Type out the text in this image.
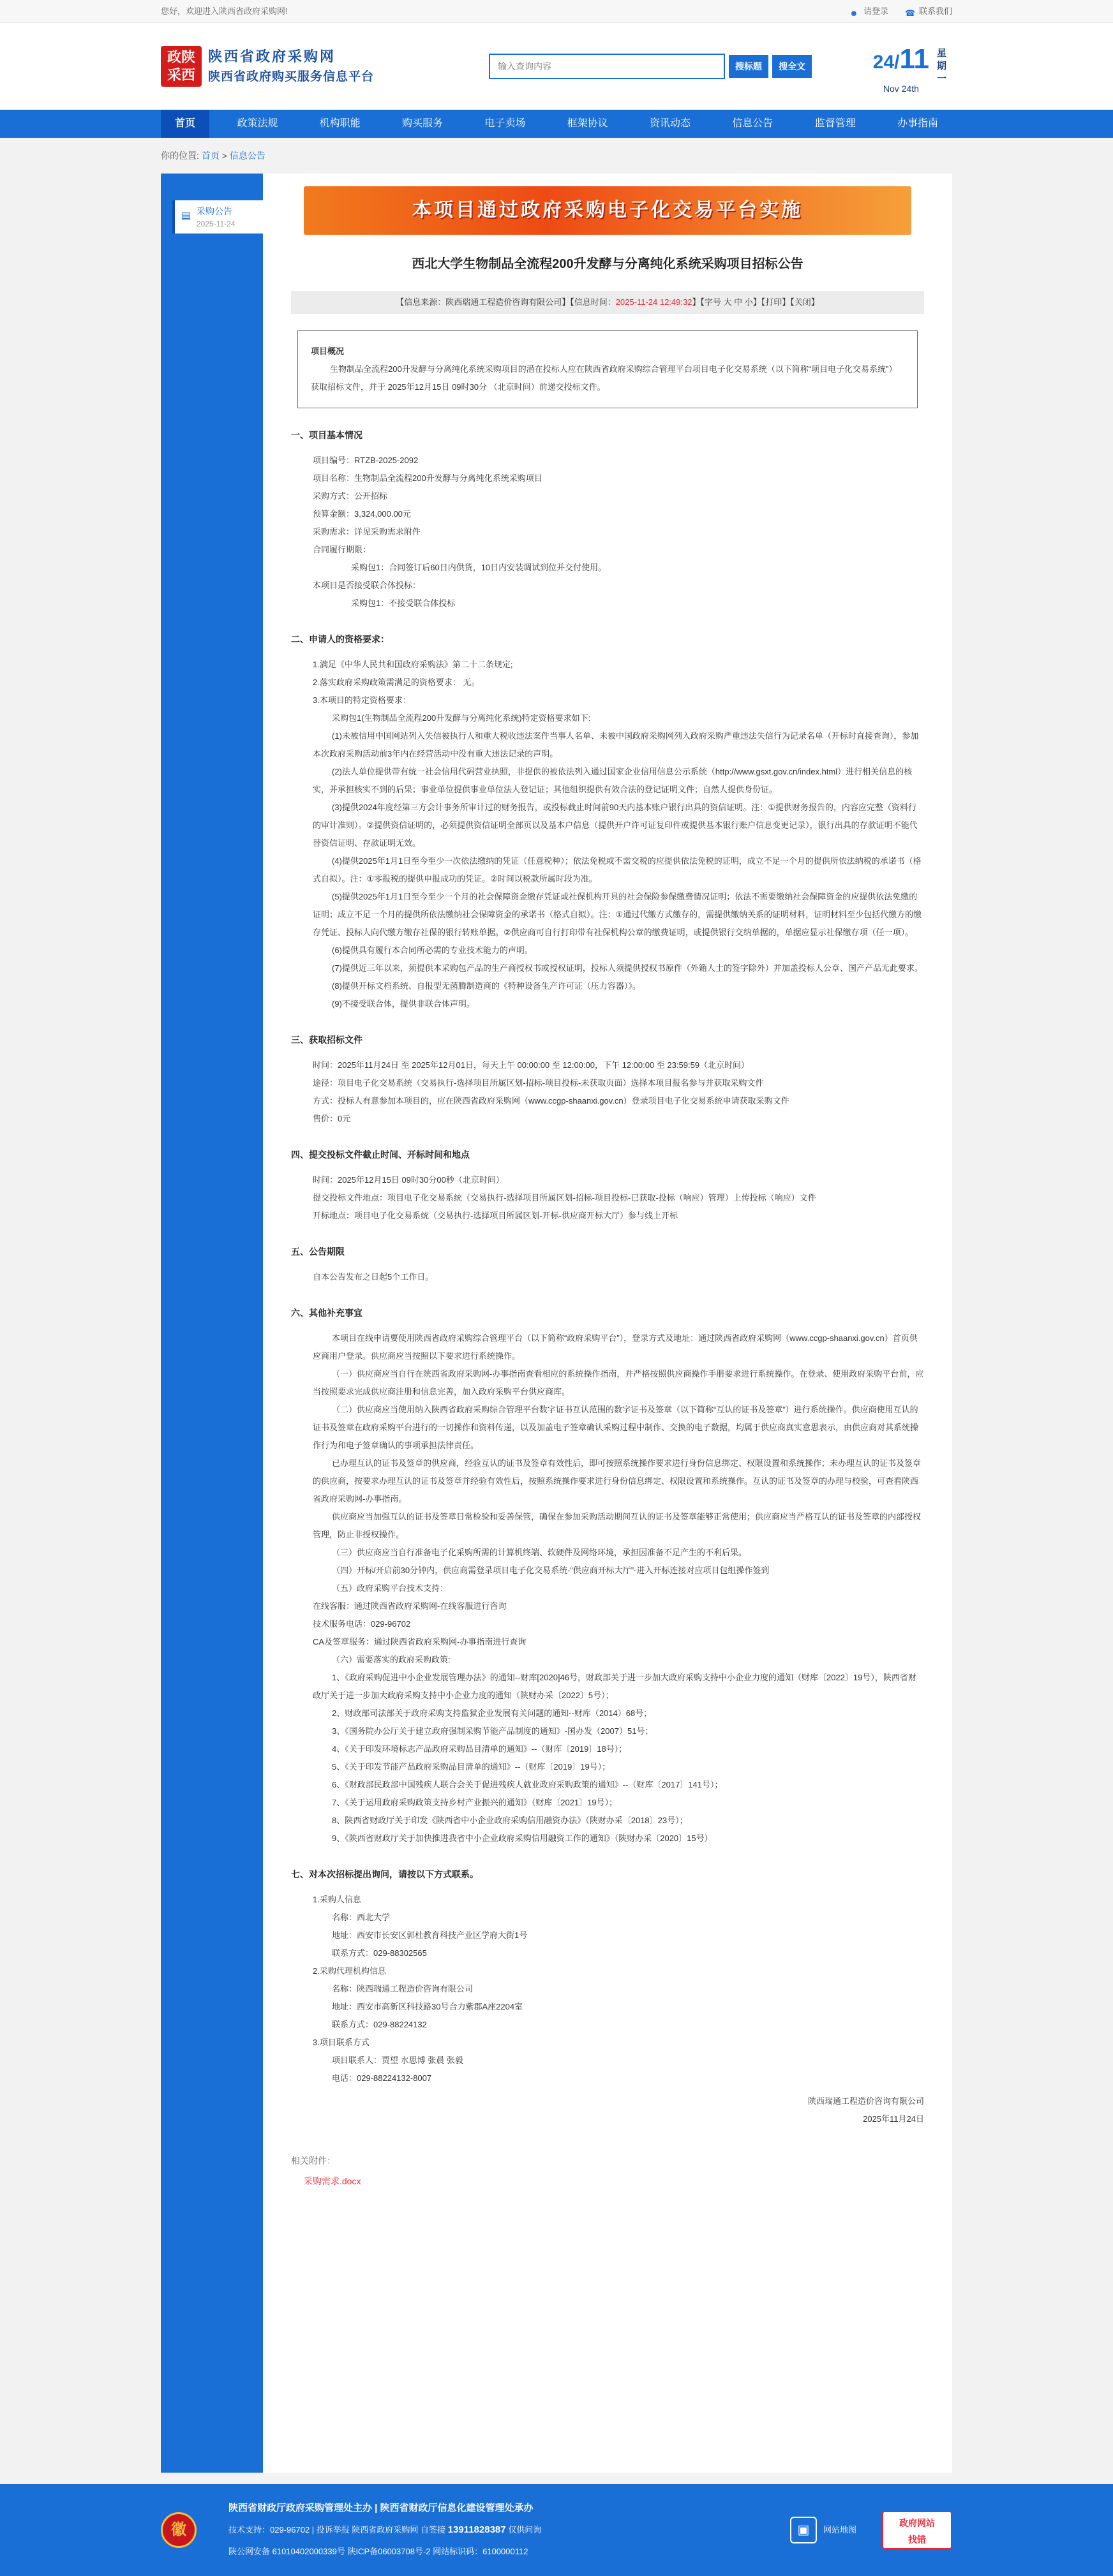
您好，欢迎进入陕西省政府采购网!	☻ 请登录 ☎ 联系我们
政陕
采西
陕西省政府采购网
陕西省政府购买服务信息平台
输入查询内容
搜标题	搜全文	24/11
Nov 24th
星期一
首页	政策法规	机构职能	购买服务	电子卖场	框架协议	资讯动态	信息公告	监督管理	办事指南
你的位置: 首页 > 信息公告
▤ 采购公告
2025-11-24
本项目通过政府采购电子化交易平台实施
西北大学生物制品全流程200升发酵与分离纯化系统采购项目招标公告
【信息来源：陕西瑞通工程造价咨询有限公司】【信息时间：2025-11-24 12:49:32】【字号 大 中 小】【打印】【关闭】
项目概况
生物制品全流程200升发酵与分离纯化系统采购项目的潜在投标人应在陕西省政府采购综合管理平台项目电子化交易系统（以下简称“项目电子化交易系统”）获取招标文件，并于 2025年12月15日 09时30分 （北京时间）前递交投标文件。
一、项目基本情况
项目编号：RTZB-2025-2092
项目名称：生物制品全流程200升发酵与分离纯化系统采购项目
采购方式：公开招标
预算金额：3,324,000.00元
采购需求：详见采购需求附件
合同履行期限：
采购包1：合同签订后60日内供货，10日内安装调试到位并交付使用。
本项目是否接受联合体投标：
采购包1：不接受联合体投标
二、申请人的资格要求：
1.满足《中华人民共和国政府采购法》第二十二条规定;
2.落实政府采购政策需满足的资格要求： 无。
3.本项目的特定资格要求：
采购包1(生物制品全流程200升发酵与分离纯化系统)特定资格要求如下:
(1)未被信用中国网站列入失信被执行人和重大税收违法案件当事人名单、未被中国政府采购网列入政府采购严重违法失信行为记录名单（开标时直接查询），参加本次政府采购活动前3年内在经营活动中没有重大违法记录的声明。
(2)法人单位提供带有统一社会信用代码营业执照，非提供的被依法列入通过国家企业信用信息公示系统（http://www.gsxt.gov.cn/index.html）进行相关信息的核实，并承担核实不到的后果；事业单位提供事业单位法人登记证；其他组织提供有效合法的登记证明文件；自然人提供身份证。
(3)提供2024年度经第三方会计事务所审计过的财务报告，或投标截止时间前90天内基本账户银行出具的资信证明。注：①提供财务报告的，内容应完整（资料行的审计准则）。②提供资信证明的，必须提供资信证明全部页以及基本户信息（提供开户许可证复印件或提供基本银行账户信息变更记录），银行出具的存款证明不能代替资信证明、存款证明无效。
(4)提供2025年1月1日至今至少一次依法缴纳的凭证（任意税种）；依法免税或不需交税的应提供依法免税的证明，成立不足一个月的提供所依法纳税的承诺书（格式自拟）。注：①零报税的提供申报成功的凭证。②时间以税款所属时段为准。
(5)提供2025年1月1日至今至少一个月的社会保障资金缴存凭证或社保机构开具的社会保险参保缴费情况证明；依法不需要缴纳社会保障资金的应提供依法免缴的证明；成立不足一个月的提供所依法缴纳社会保障资金的承诺书（格式自拟）。注：①通过代缴方式缴存的，需提供缴纳关系的证明材料，证明材料至少包括代缴方的缴存凭证、投标人向代缴方缴存社保的银行转账单据。②供应商可自行打印带有社保机构公章的缴费证明，或提供银行交纳单据的，单据应显示社保缴存项（任一项）。
(6)提供具有履行本合同所必需的专业技术能力的声明。
(7)提供近三年以来，须提供本采购包产品的生产商授权书或授权证明，投标人须提供授权书原件（外籍人士的签字除外）并加盖投标人公章、国产产品无此要求。
(8)提供开标文档系统、自报型无菌腾制造商的《特种设备生产许可证（压力容器）》。
(9)不接受联合体，提供非联合体声明。
三、获取招标文件
时间：2025年11月24日 至 2025年12月01日，每天上午 00:00:00 至 12:00:00，下午 12:00:00 至 23:59:59（北京时间）
途径：项目电子化交易系统（交易执行-选择项目所属区划-招标-项目投标-未获取页面）选择本项目报名参与并获取采购文件
方式：投标人有意参加本项目的，应在陕西省政府采购网（www.ccgp-shaanxi.gov.cn）登录项目电子化交易系统申请获取采购文件
售价：0元
四、提交投标文件截止时间、开标时间和地点
时间：2025年12月15日 09时30分00秒（北京时间）
提交投标文件地点：项目电子化交易系统（交易执行-选择项目所属区划-招标-项目投标-已获取-投标（响应）管理）上传投标（响应）文件
开标地点：项目电子化交易系统（交易执行-选择项目所属区划-开标-供应商开标大厅）参与线上开标
五、公告期限
自本公告发布之日起5个工作日。
六、其他补充事宜
本项目在线申请要使用陕西省政府采购综合管理平台（以下简称“政府采购平台”），登录方式及地址：通过陕西省政府采购网（www.ccgp-shaanxi.gov.cn）首页供应商用户登录。供应商应当按照以下要求进行系统操作。
（一）供应商应当自行在陕西省政府采购网-办事指南查看相应的系统操作指南，并严格按照供应商操作手册要求进行系统操作。在登录、使用政府采购平台前，应当按照要求完成供应商注册和信息完善，加入政府采购平台供应商库。
（二）供应商应当使用纳入陕西省政府采购综合管理平台数字证书互认范围的数字证书及签章（以下简称“互认的证书及签章”）进行系统操作。供应商使用互认的证书及签章在政府采购平台进行的一切操作和资料传递，以及加盖电子签章确认采购过程中制作、交换的电子数据，均属于供应商真实意思表示，由供应商对其系统操作行为和电子签章确认的事项承担法律责任。
已办理互认的证书及签章的供应商，经验互认的证书及签章有效性后，即可按照系统操作要求进行身份信息绑定、权限设置和系统操作；未办理互认的证书及签章的供应商，按要求办理互认的证书及签章并经验有效性后，按照系统操作要求进行身份信息绑定、权限设置和系统操作。互认的证书及签章的办理与校验，可查看陕西省政府采购网-办事指南。
供应商应当加强互认的证书及签章日常检验和妥善保管，确保在参加采购活动期间互认的证书及签章能够正常使用；供应商应当严格互认的证书及签章的内部授权管理，防止非授权操作。
（三）供应商应当自行准备电子化采购所需的计算机终端、软硬件及网络环境，承担因准备不足产生的不利后果。
（四）开标/开启前30分钟内，供应商需登录项目电子化交易系统-“供应商开标大厅”-进入开标连接对应项目包组操作签到
（五）政府采购平台技术支持：
在线客服：通过陕西省政府采购网-在线客服进行咨询
技术服务电话：029-96702
CA及签章服务：通过陕西省政府采购网-办事指南进行查询
（六）需要落实的政府采购政策:
1、《政府采购促进中小企业发展管理办法》的通知--财库[2020]46号，财政部关于进一步加大政府采购支持中小企业力度的通知（财库〔2022〕19号），陕西省财政厅关于进一步加大政府采购支持中小企业力度的通知（陕财办采〔2022〕5号）；
2、财政部司法部关于政府采购支持监狱企业发展有关问题的通知--财库（2014）68号；
3、《国务院办公厅关于建立政府强制采购节能产品制度的通知》-国办发（2007）51号；
4、《关于印发环境标志产品政府采购品目清单的通知》--（财库〔2019〕18号）；
5、《关于印发节能产品政府采购品目清单的通知》--（财库〔2019〕19号）；
6、《财政部民政部中国残疾人联合会关于促进残疾人就业政府采购政策的通知》--（财库〔2017〕141号）；
7、《关于运用政府采购政策支持乡村产业振兴的通知》（财库〔2021〕19号）；
8、陕西省财政厅关于印发《陕西省中小企业政府采购信用融资办法》（陕财办采〔2018〕23号）；
9、《陕西省财政厅关于加快推进我省中小企业政府采购信用融资工作的通知》（陕财办采〔2020〕15号）
七、对本次招标提出询问，请按以下方式联系。
1.采购人信息
名称：西北大学
地址：西安市长安区郭杜教育科技产业区学府大街1号
联系方式：029-88302565
2.采购代理机构信息
名称：陕西瑞通工程造价咨询有限公司
地址：西安市高新区科技路30号合力紫郡A座2204室
联系方式：029-88224132
3.项目联系方式
项目联系人：贾望 水思博 张晨 张毅
电话：029-88224132-8007
陕西瑞通工程造价咨询有限公司
2025年11月24日
相关附件：
采购需求.docx
徽
陕西省财政厅政府采购管理处主办 | 陕西省财政厅信息化建设管理处承办
技术支持：029-96702 | 投诉举报 陕西省政府采购网 自签接 13911828387 仅供问询
陕公网安备 61010402000339号 陕ICP备06003708号-2 网站标识码：6100000112
▣	网站地图
政府网站
找错
